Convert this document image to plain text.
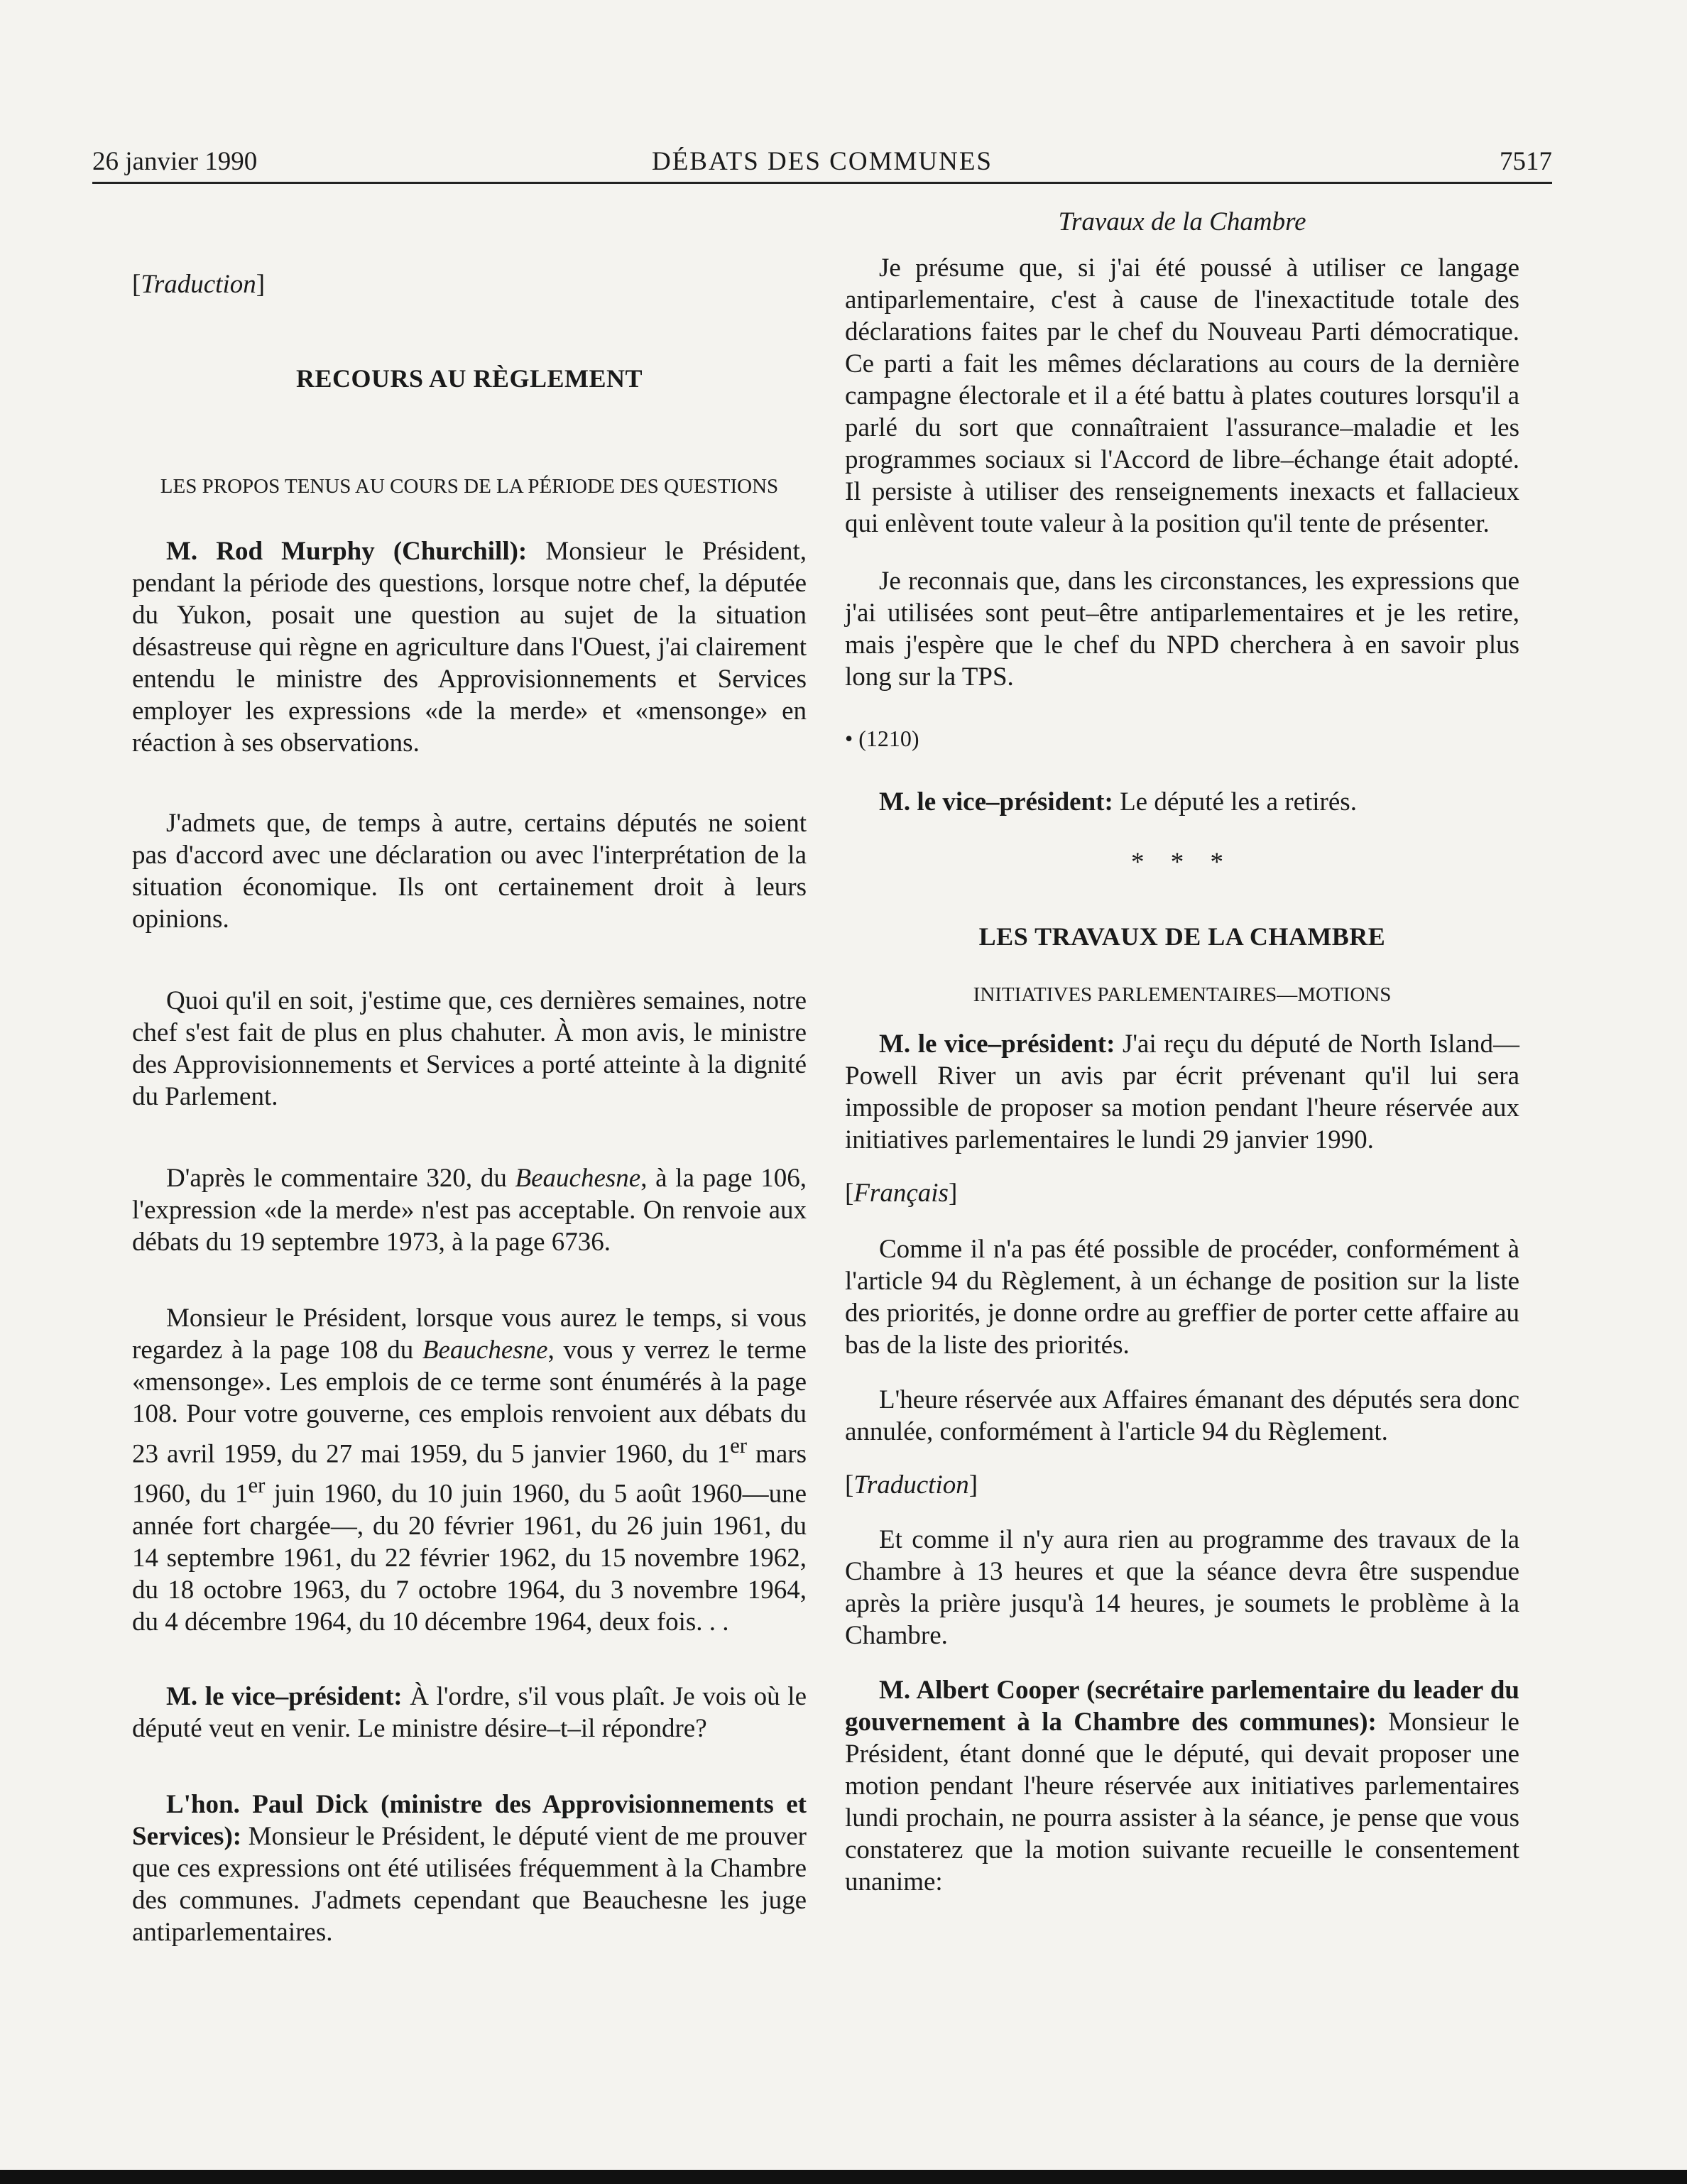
26 janvier 1990	DÉBATS DES COMMUNES	7517

[Traduction]

RECOURS AU RÈGLEMENT

LES PROPOS TENUS AU COURS DE LA PÉRIODE DES QUESTIONS

M. Rod Murphy (Churchill): Monsieur le Président, pendant la période des questions, lorsque notre chef, la députée du Yukon, posait une question au sujet de la situation désastreuse qui règne en agriculture dans l'Ouest, j'ai clairement entendu le ministre des Approvisionnements et Services employer les expressions «de la merde» et «mensonge» en réaction à ses observations.

J'admets que, de temps à autre, certains députés ne soient pas d'accord avec une déclaration ou avec l'interprétation de la situation économique. Ils ont certainement droit à leurs opinions.

Quoi qu'il en soit, j'estime que, ces dernières semaines, notre chef s'est fait de plus en plus chahuter. À mon avis, le ministre des Approvisionnements et Services a porté atteinte à la dignité du Parlement.

D'après le commentaire 320, du Beauchesne, à la page 106, l'expression «de la merde» n'est pas acceptable. On renvoie aux débats du 19 septembre 1973, à la page 6736.

Monsieur le Président, lorsque vous aurez le temps, si vous regardez à la page 108 du Beauchesne, vous y verrez le terme «mensonge». Les emplois de ce terme sont énumérés à la page 108. Pour votre gouverne, ces emplois renvoient aux débats du 23 avril 1959, du 27 mai 1959, du 5 janvier 1960, du 1er mars 1960, du 1er juin 1960, du 10 juin 1960, du 5 août 1960—une année fort chargée—, du 20 février 1961, du 26 juin 1961, du 14 septembre 1961, du 22 février 1962, du 15 novembre 1962, du 18 octobre 1963, du 7 octobre 1964, du 3 novembre 1964, du 4 décembre 1964, du 10 décembre 1964, deux fois. . .

M. le vice–président: À l'ordre, s'il vous plaît. Je vois où le député veut en venir. Le ministre désire–t–il répondre?

L'hon. Paul Dick (ministre des Approvisionnements et Services): Monsieur le Président, le député vient de me prouver que ces expressions ont été utilisées fréquemment à la Chambre des communes. J'admets cependant que Beauchesne les juge antiparlementaires.

Travaux de la Chambre

Je présume que, si j'ai été poussé à utiliser ce langage antiparlementaire, c'est à cause de l'inexactitude totale des déclarations faites par le chef du Nouveau Parti démocratique. Ce parti a fait les mêmes déclarations au cours de la dernière campagne électorale et il a été battu à plates coutures lorsqu'il a parlé du sort que connaîtraient l'assurance–maladie et les programmes sociaux si l'Accord de libre–échange était adopté. Il persiste à utiliser des renseignements inexacts et fallacieux qui enlèvent toute valeur à la position qu'il tente de présenter.

Je reconnais que, dans les circonstances, les expressions que j'ai utilisées sont peut–être antiparlementaires et je les retire, mais j'espère que le chef du NPD cherchera à en savoir plus long sur la TPS.

• (1210)

M. le vice–président: Le député les a retirés.

* * *

LES TRAVAUX DE LA CHAMBRE

INITIATIVES PARLEMENTAIRES—MOTIONS

M. le vice–président: J'ai reçu du député de North Island—Powell River un avis par écrit prévenant qu'il lui sera impossible de proposer sa motion pendant l'heure réservée aux initiatives parlementaires le lundi 29 janvier 1990.

[Français]

Comme il n'a pas été possible de procéder, conformément à l'article 94 du Règlement, à un échange de position sur la liste des priorités, je donne ordre au greffier de porter cette affaire au bas de la liste des priorités.

L'heure réservée aux Affaires émanant des députés sera donc annulée, conformément à l'article 94 du Règlement.

[Traduction]

Et comme il n'y aura rien au programme des travaux de la Chambre à 13 heures et que la séance devra être suspendue après la prière jusqu'à 14 heures, je soumets le problème à la Chambre.

M. Albert Cooper (secrétaire parlementaire du leader du gouvernement à la Chambre des communes): Monsieur le Président, étant donné que le député, qui devait proposer une motion pendant l'heure réservée aux initiatives parlementaires lundi prochain, ne pourra assister à la séance, je pense que vous constaterez que la motion suivante recueille le consentement unanime:
